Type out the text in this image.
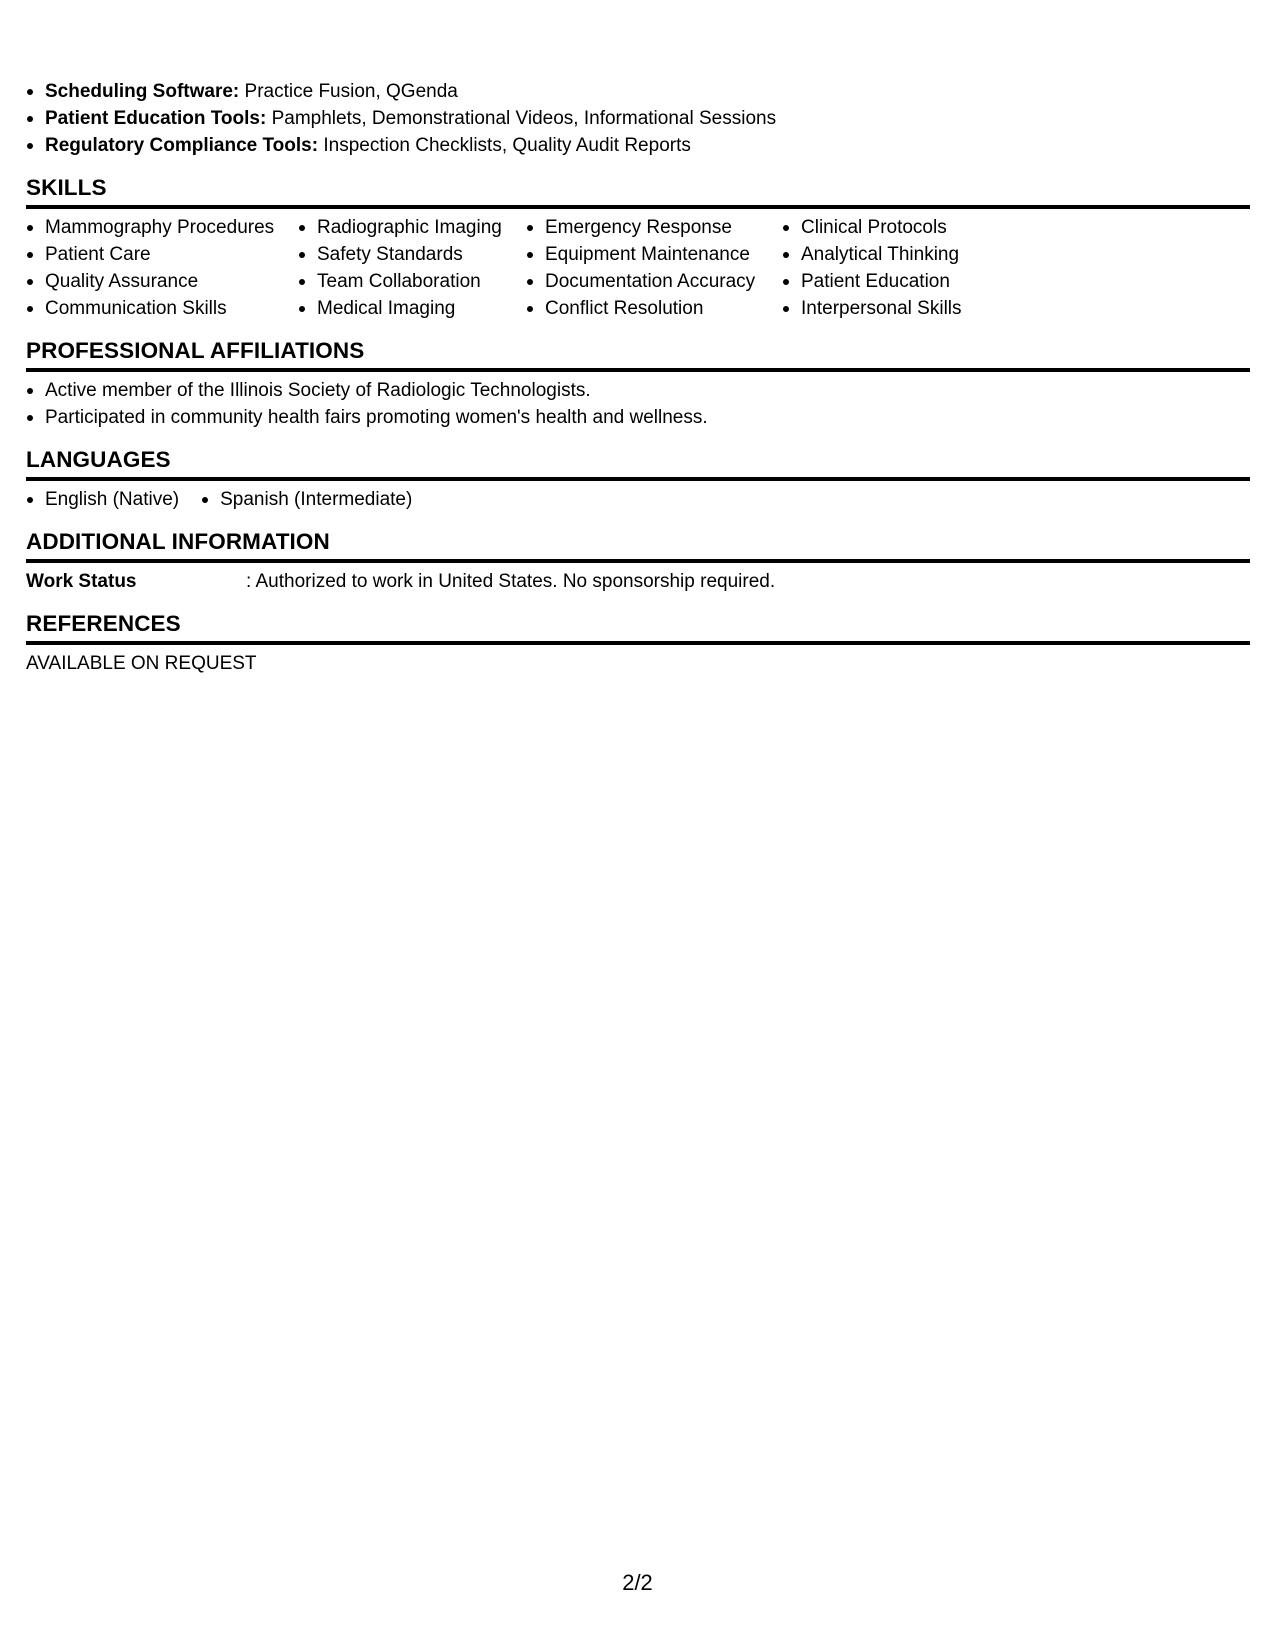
Scheduling Software: Practice Fusion, QGenda
Patient Education Tools: Pamphlets, Demonstrational Videos, Informational Sessions
Regulatory Compliance Tools: Inspection Checklists, Quality Audit Reports
SKILLS
Mammography Procedures
Patient Care
Quality Assurance
Communication Skills
Radiographic Imaging
Safety Standards
Team Collaboration
Medical Imaging
Emergency Response
Equipment Maintenance
Documentation Accuracy
Conflict Resolution
Clinical Protocols
Analytical Thinking
Patient Education
Interpersonal Skills
PROFESSIONAL AFFILIATIONS
Active member of the Illinois Society of Radiologic Technologists.
Participated in community health fairs promoting women's health and wellness.
LANGUAGES
English (Native)	Spanish (Intermediate)
ADDITIONAL INFORMATION
Work Status	: Authorized to work in United States. No sponsorship required.
REFERENCES
AVAILABLE ON REQUEST
2/2
